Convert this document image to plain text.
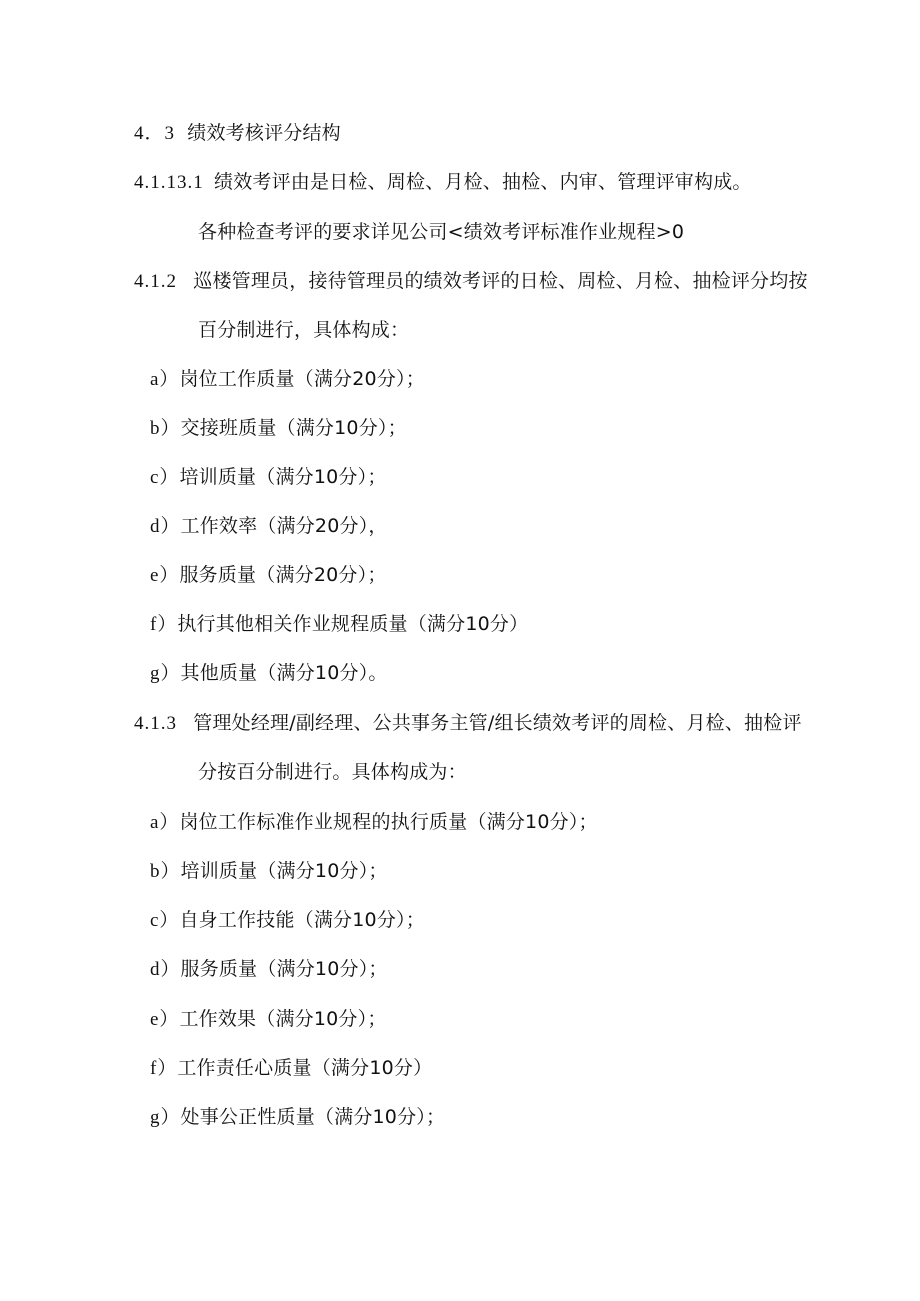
4．3 绩效考核评分结构
4.1.13.1 绩效考评由是日检、周检、月检、抽检、内审、管理评审构成。
各种检查考评的要求详见公司<绩效考评标准作业规程>0
4.1.2 巡楼管理员，接待管理员的绩效考评的日检、周检、月检、抽检评分均按
百分制进行，具体构成：
a）岗位工作质量（满分20分）；
b）交接班质量（满分10分）；
c）培训质量（满分10分）；
d）工作效率（满分20分），
e）服务质量（满分20分）；
f）执行其他相关作业规程质量（满分10分）
g）其他质量（满分10分）。
4.1.3 管理处经理/副经理、公共事务主管/组长绩效考评的周检、月检、抽检评
分按百分制进行。具体构成为：
a）岗位工作标准作业规程的执行质量（满分10分）；
b）培训质量（满分10分）；
c）自身工作技能（满分10分）；
d）服务质量（满分10分）；
e）工作效果（满分10分）；
f）工作责任心质量（满分10分）
g）处事公正性质量（满分10分）；
